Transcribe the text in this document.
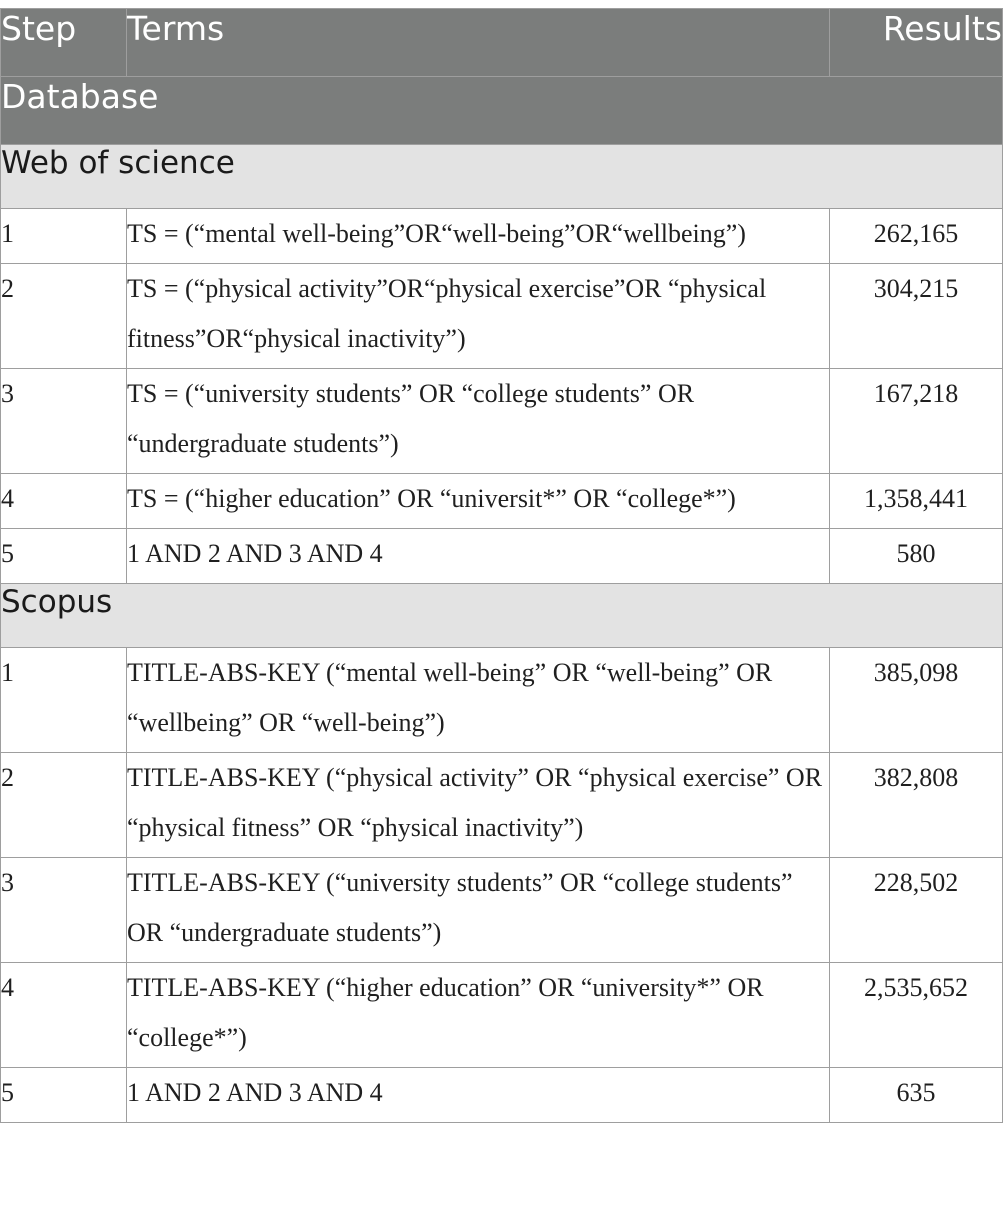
Step	Terms	Results
Database		
Web of science		
1	TS = (“mental well-being”OR“well-being”OR“wellbeing”)	262,165
2	TS = (“physical activity”OR“physical exercise”OR “physical fitness”OR“physical inactivity”)	304,215
3	TS = (“university students” OR “college students” OR “undergraduate students”)	167,218
4	TS = (“higher education” OR “universit*” OR “college*”)	1,358,441
5	1 AND 2 AND 3 AND 4	580
Scopus		
1	TITLE-ABS-KEY (“mental well-being” OR “well-being” OR “wellbeing” OR “well-being”)	385,098
2	TITLE-ABS-KEY (“physical activity” OR “physical exercise” OR “physical fitness” OR “physical inactivity”)	382,808
3	TITLE-ABS-KEY (“university students” OR “college students” OR “undergraduate students”)	228,502
4	TITLE-ABS-KEY (“higher education” OR “university*” OR “college*”)	2,535,652
5	1 AND 2 AND 3 AND 4	635
